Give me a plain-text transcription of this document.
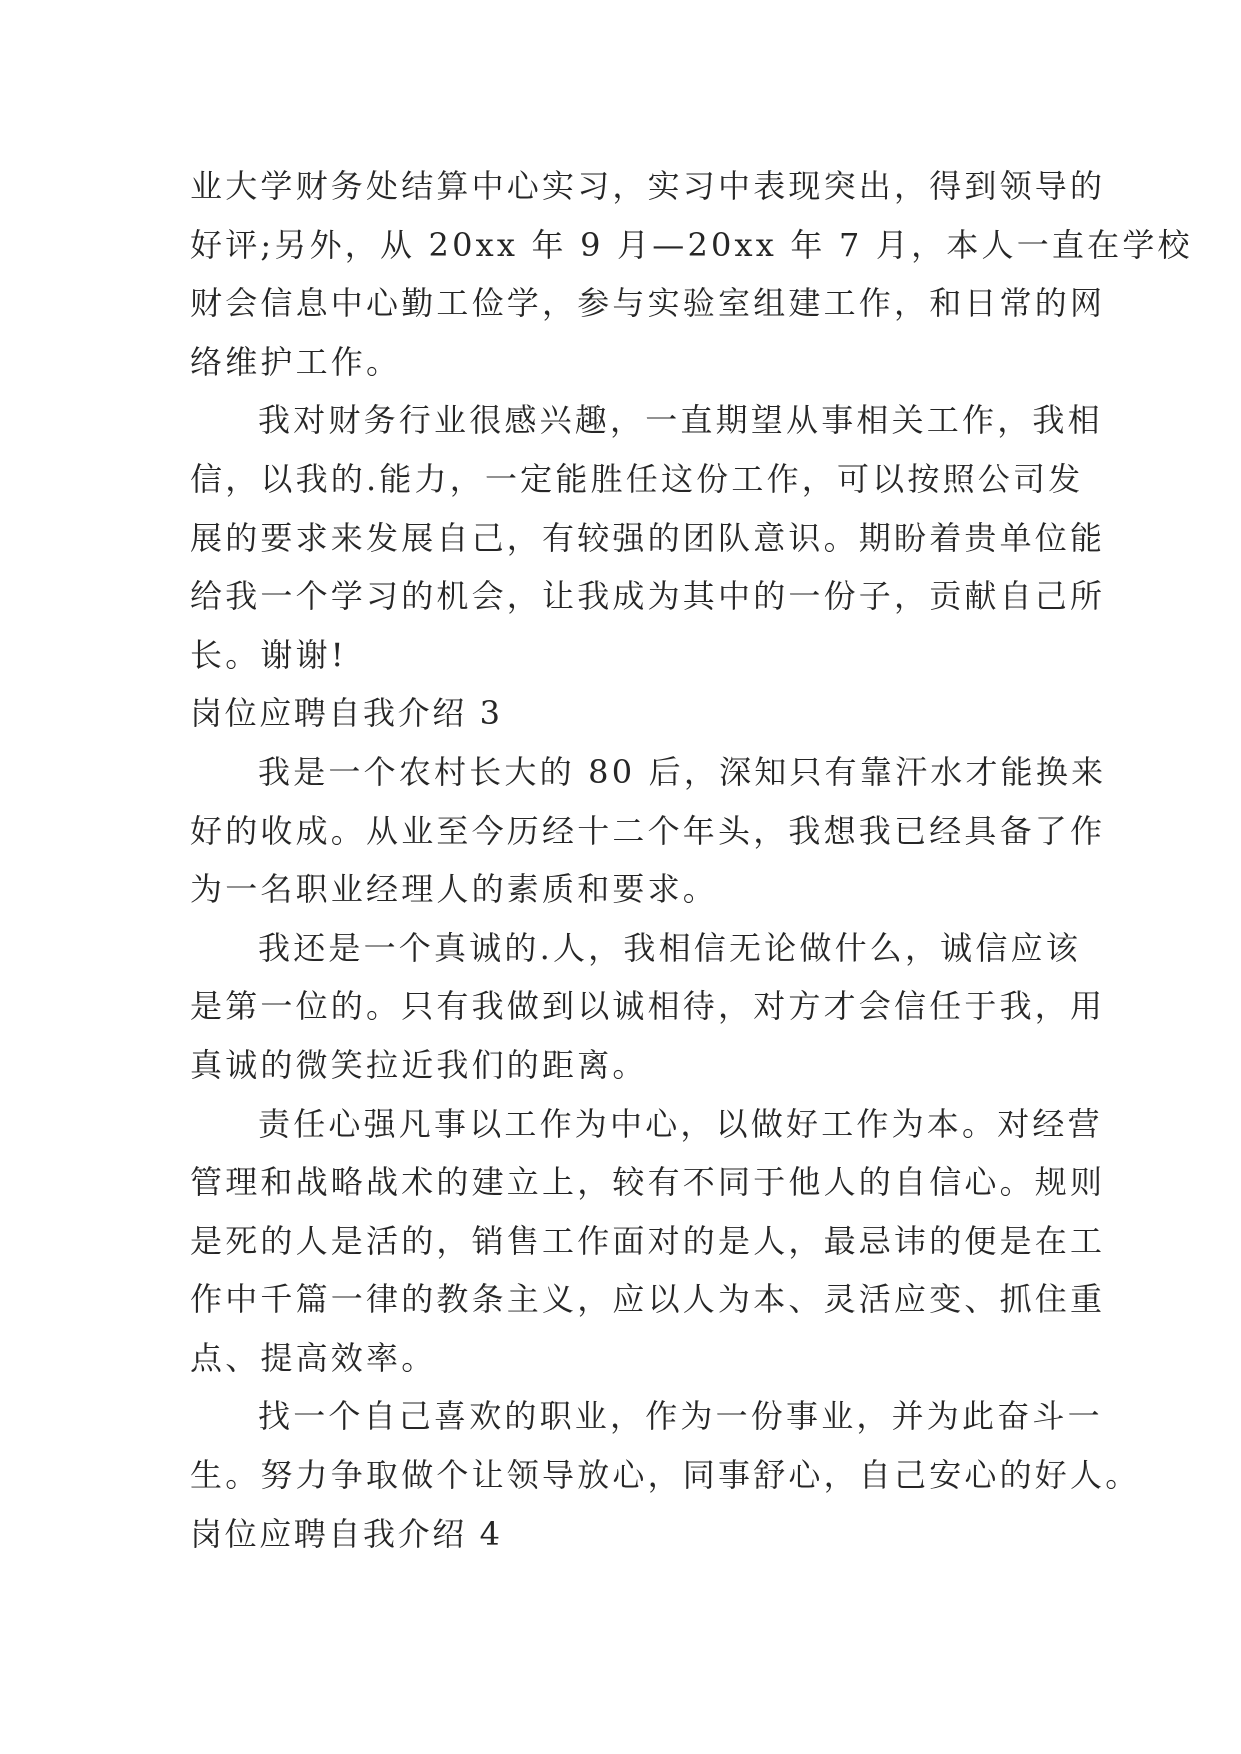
业大学财务处结算中心实习，实习中表现突出，得到领导的
好评;另外，从 20xx 年 9 月—20xx 年 7 月，本人一直在学校
财会信息中心勤工俭学，参与实验室组建工作，和日常的网
络维护工作。
我对财务行业很感兴趣，一直期望从事相关工作，我相
信，以我的.能力，一定能胜任这份工作，可以按照公司发
展的要求来发展自己，有较强的团队意识。期盼着贵单位能
给我一个学习的机会，让我成为其中的一份子，贡献自己所
长。谢谢!
岗位应聘自我介绍 3
我是一个农村长大的 80 后，深知只有靠汗水才能换来
好的收成。从业至今历经十二个年头，我想我已经具备了作
为一名职业经理人的素质和要求。
我还是一个真诚的.人，我相信无论做什么，诚信应该
是第一位的。只有我做到以诚相待，对方才会信任于我，用
真诚的微笑拉近我们的距离。
责任心强凡事以工作为中心，以做好工作为本。对经营
管理和战略战术的建立上，较有不同于他人的自信心。规则
是死的人是活的，销售工作面对的是人，最忌讳的便是在工
作中千篇一律的教条主义，应以人为本、灵活应变、抓住重
点、提高效率。
找一个自己喜欢的职业，作为一份事业，并为此奋斗一
生。努力争取做个让领导放心，同事舒心，自己安心的好人。
岗位应聘自我介绍 4
